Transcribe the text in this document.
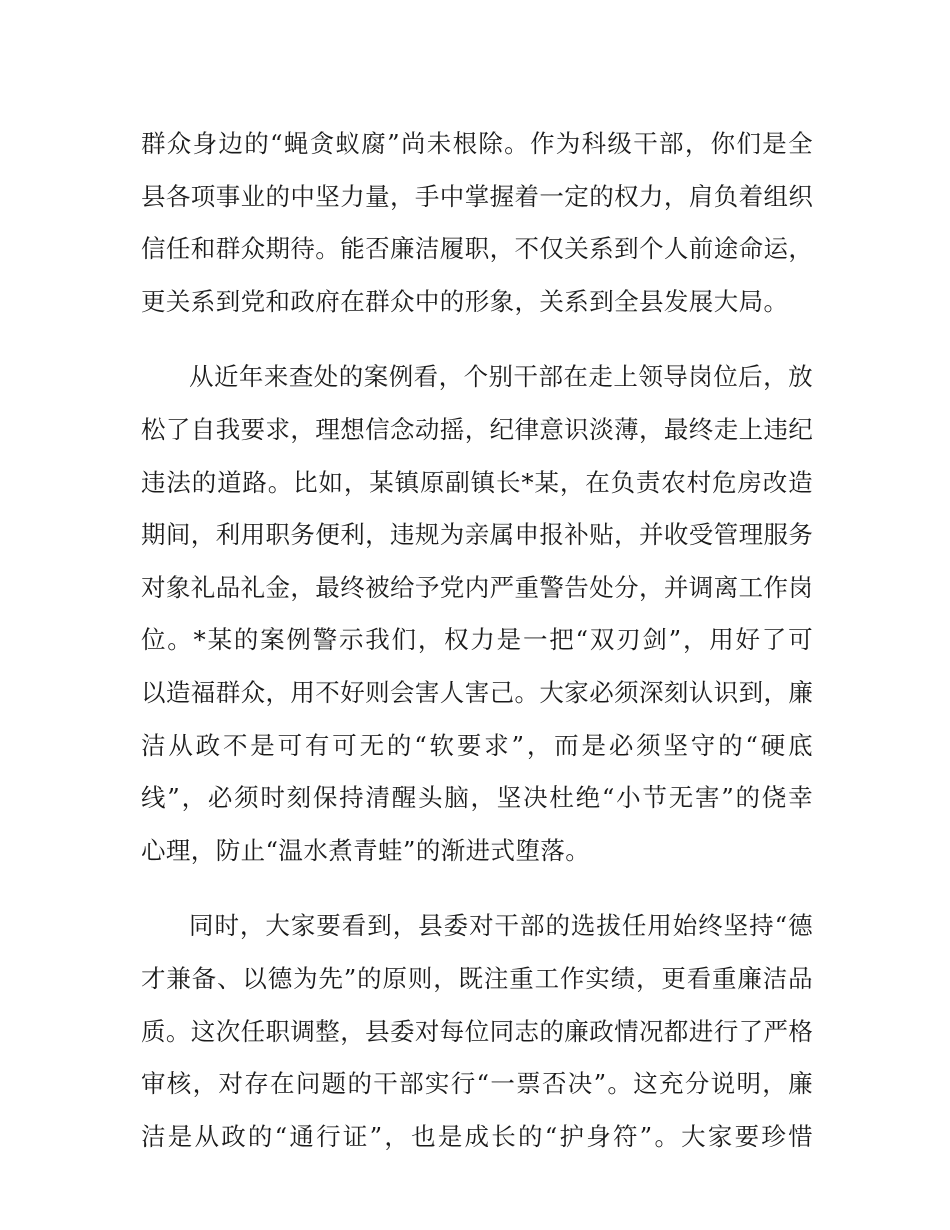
群众身边的“蝇贪蚁腐”尚未根除。作为科级干部，你们是全
县各项事业的中坚力量，手中掌握着一定的权力，肩负着组织
信任和群众期待。能否廉洁履职，不仅关系到个人前途命运，
更关系到党和政府在群众中的形象，关系到全县发展大局。
从近年来查处的案例看，个别干部在走上领导岗位后，放
松了自我要求，理想信念动摇，纪律意识淡薄，最终走上违纪
违法的道路。比如，某镇原副镇长*某，在负责农村危房改造
期间，利用职务便利，违规为亲属申报补贴，并收受管理服务
对象礼品礼金，最终被给予党内严重警告处分，并调离工作岗
位。*某的案例警示我们，权力是一把“双刃剑”，用好了可
以造福群众，用不好则会害人害己。大家必须深刻认识到，廉
洁从政不是可有可无的“软要求”，而是必须坚守的“硬底
线”，必须时刻保持清醒头脑，坚决杜绝“小节无害”的侥幸
心理，防止“温水煮青蛙”的渐进式堕落。
同时，大家要看到，县委对干部的选拔任用始终坚持“德
才兼备、以德为先”的原则，既注重工作实绩，更看重廉洁品
质。这次任职调整，县委对每位同志的廉政情况都进行了严格
审核，对存在问题的干部实行“一票否决”。这充分说明，廉
洁是从政的“通行证”，也是成长的“护身符”。大家要珍惜
